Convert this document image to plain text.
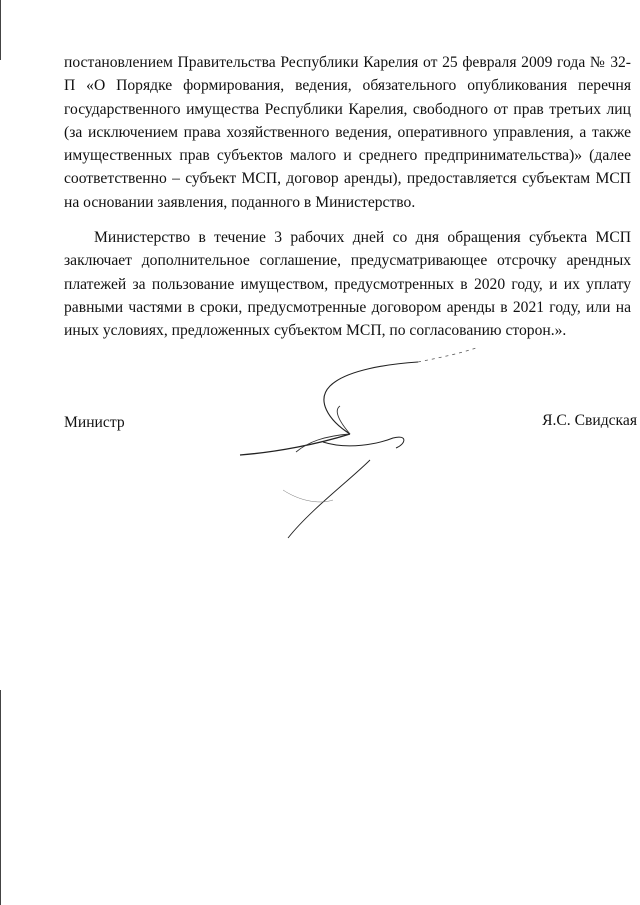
постановлением Правительства Республики Карелия от 25 февраля 2009 года № 32-П «О Порядке формирования, ведения, обязательного опубликования перечня государственного имущества Республики Карелия, свободного от прав третьих лиц (за исключением права хозяйственного ведения, оперативного управления, а также имущественных прав субъектов малого и среднего предпринимательства)» (далее соответственно – субъект МСП, договор аренды), предоставляется субъектам МСП на основании заявления, поданного в Министерство.

Министерство в течение 3 рабочих дней со дня обращения субъекта МСП заключает дополнительное соглашение, предусматривающее отсрочку арендных платежей за пользование имуществом, предусмотренных в 2020 году, и их уплату равными частями в сроки, предусмотренные договором аренды в 2021 году, или на иных условиях, предложенных субъектом МСП, по согласованию сторон.».

Министр	Я.С. Свидская
